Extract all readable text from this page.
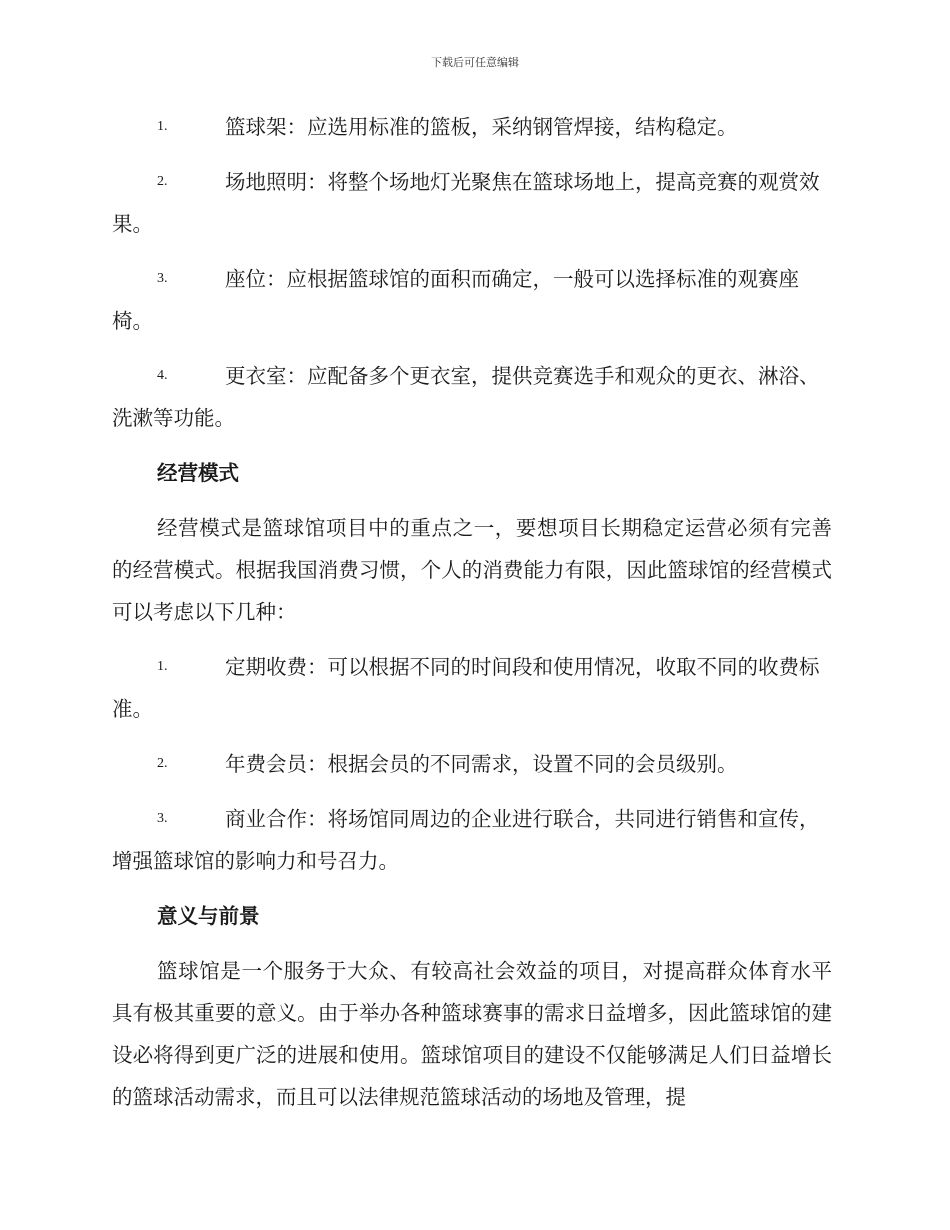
下载后可任意编辑
1.	篮球架：应选用标准的篮板，采纳钢管焊接，结构稳定。
2.	场地照明：将整个场地灯光聚焦在篮球场地上，提高竞赛的观赏效果。
3.	座位：应根据篮球馆的面积而确定，一般可以选择标准的观赛座椅。
4.	更衣室：应配备多个更衣室，提供竞赛选手和观众的更衣、淋浴、洗漱等功能。
经营模式
经营模式是篮球馆项目中的重点之一，要想项目长期稳定运营必须有完善的经营模式。根据我国消费习惯，个人的消费能力有限，因此篮球馆的经营模式可以考虑以下几种：
1.	定期收费：可以根据不同的时间段和使用情况，收取不同的收费标准。
2.	年费会员：根据会员的不同需求，设置不同的会员级别。
3.	商业合作：将场馆同周边的企业进行联合，共同进行销售和宣传，增强篮球馆的影响力和号召力。
意义与前景
篮球馆是一个服务于大众、有较高社会效益的项目，对提高群众体育水平具有极其重要的意义。由于举办各种篮球赛事的需求日益增多，因此篮球馆的建设必将得到更广泛的进展和使用。篮球馆项目的建设不仅能够满足人们日益增长的篮球活动需求，而且可以法律规范篮球活动的场地及管理，提
